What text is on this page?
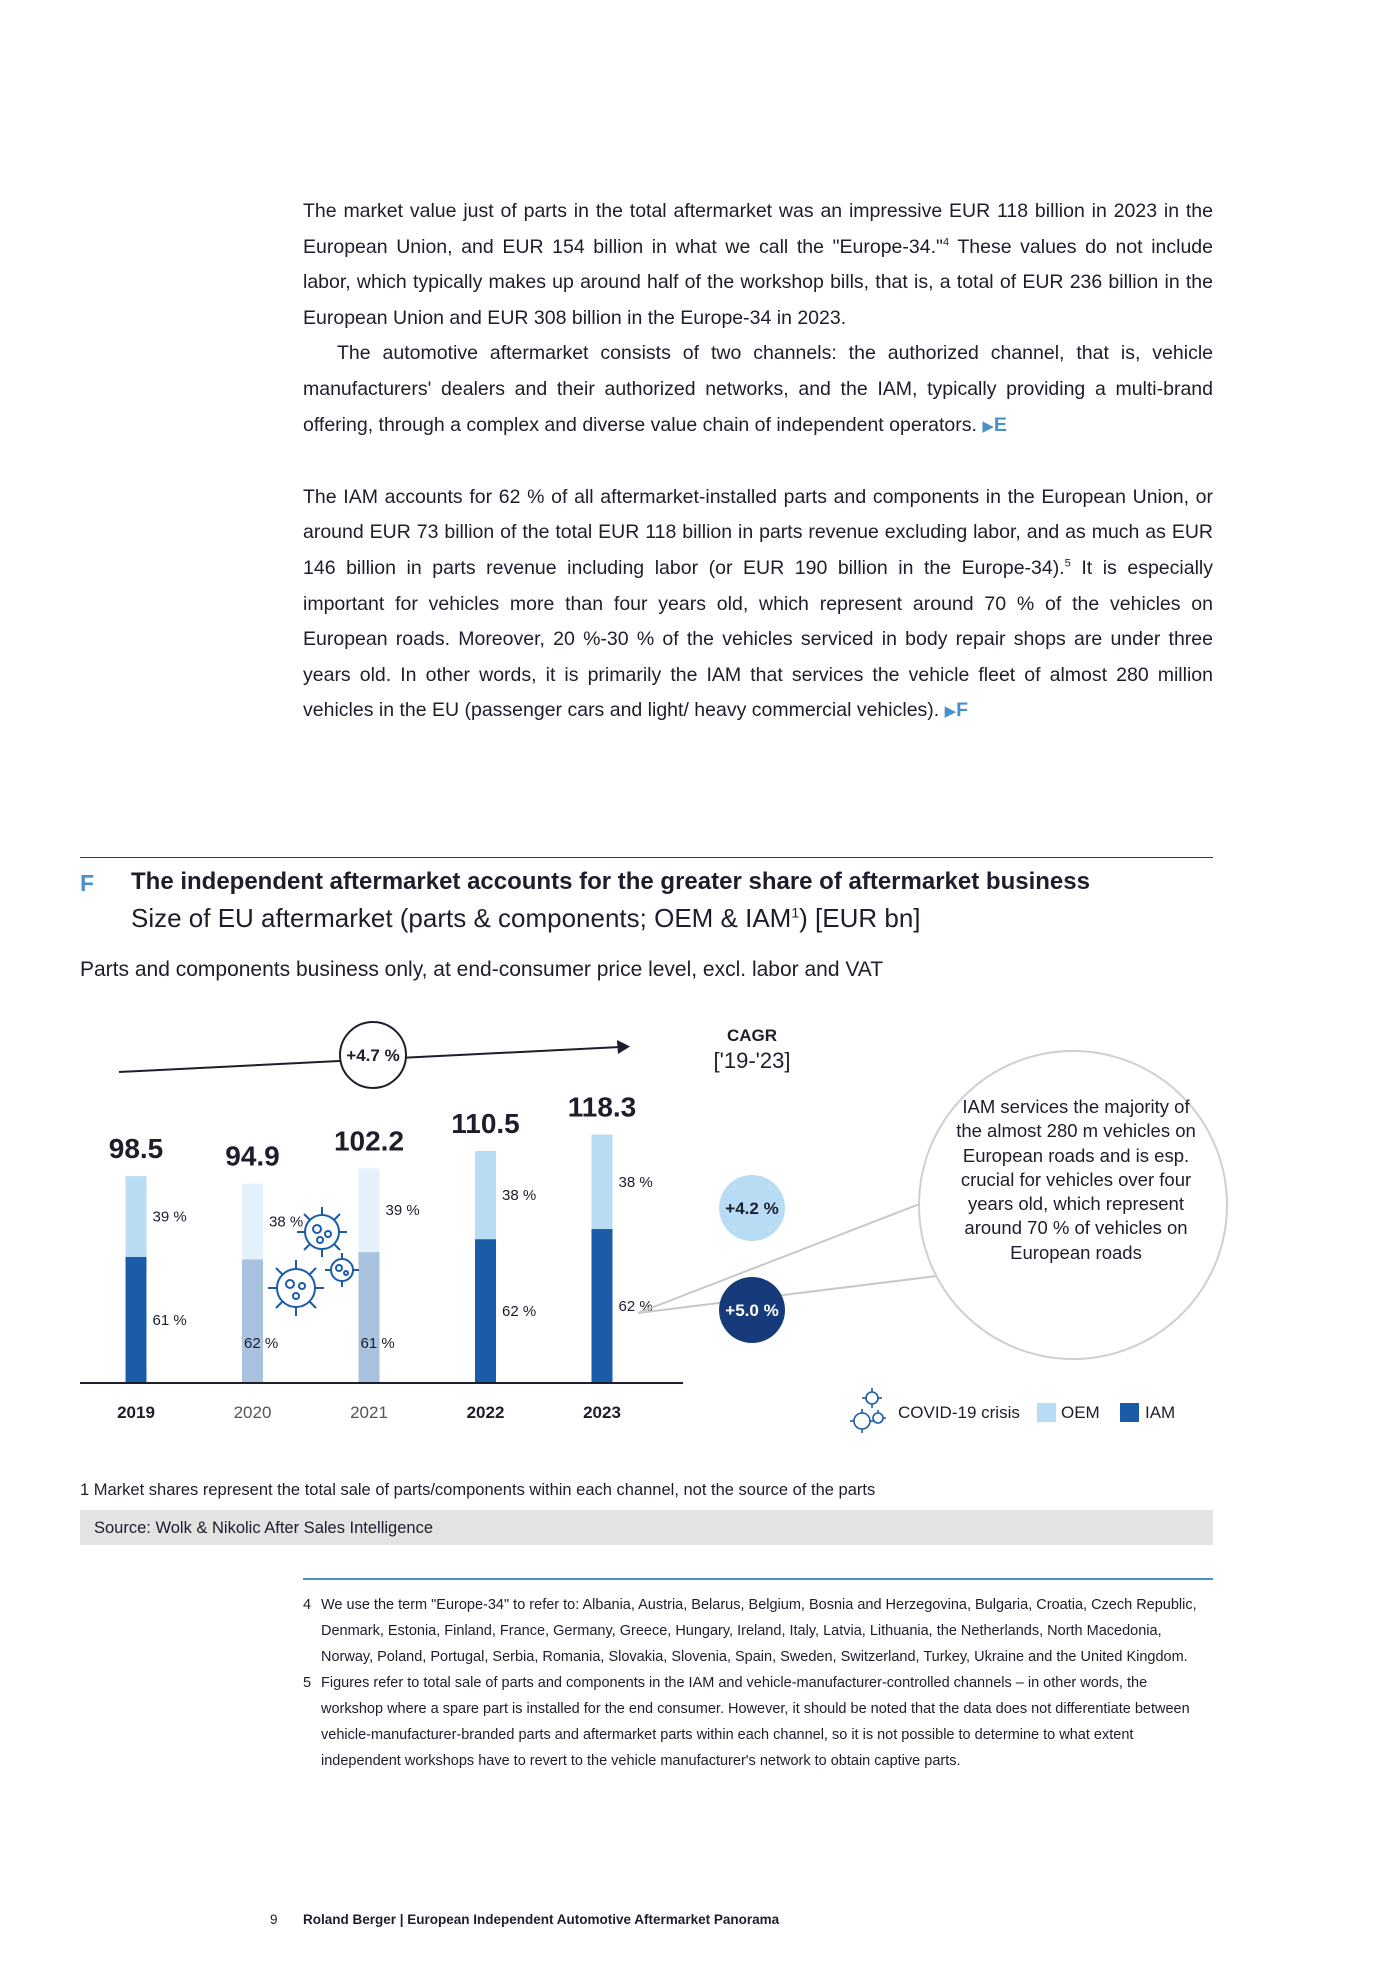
The market value just of parts in the total aftermarket was an impressive EUR 118 billion in 2023 in the European Union, and EUR 154 billion in what we call the "Europe-34."$^4$ These values do not include labor, which typically makes up around half of the workshop bills, that is, a total of EUR 236 billion in the European Union and EUR 308 billion in the Europe-34 in 2023.

The automotive aftermarket consists of two channels: the authorized channel, that is, vehicle manufacturers' dealers and their authorized networks, and the IAM, typically providing a multi-brand offering, through a complex and diverse value chain of independent operators. ▶E

The IAM accounts for 62 % of all aftermarket-installed parts and components in the European Union, or around EUR 73 billion of the total EUR 118 billion in parts revenue excluding labor, and as much as EUR 146 billion in parts revenue including labor (or EUR 190 billion in the Europe-34).$^5$ It is especially important for vehicles more than four years old, which represent around 70 % of the vehicles on European roads. Moreover, 20 %-30 % of the vehicles serviced in body repair shops are under three years old. In other words, it is primarily the IAM that services the vehicle fleet of almost 280 million vehicles in the EU (passenger cars and light/ heavy commercial vehicles). ▶F

F The independent aftermarket accounts for the greater share of aftermarket business
Size of EU aftermarket (parts & components; OEM & IAM$^1$) [EUR bn]
Parts and components business only, at end-consumer price level, excl. labor and VAT
61 %
39 %
98.5
2019
62 %
38 %
94.9
2020
61 %
39 %
102.2
2021
62 %
38 %
110.5
2022
62 %
38 %
118.3
2023
+4.7 %
CAGR
['19-'23]
+4.2 %
+5.0 %
COVID-19 crisis OEM	IAM
IAM services the majority of the almost 280 m vehicles on European roads and is esp. crucial for vehicles over four years old, which represent around 70 % of vehicles on European roads
1 Market shares represent the total sale of parts/components within each channel, not the source of the parts
Source: Wolk & Nikolic After Sales Intelligence
4 We use the term "Europe-34" to refer to: Albania, Austria, Belarus, Belgium, Bosnia and Herzegovina, Bulgaria, Croatia, Czech Republic, Denmark, Estonia, Finland, France, Germany, Greece, Hungary, Ireland, Italy, Latvia, Lithuania, the Netherlands, North Macedonia, Norway, Poland, Portugal, Serbia, Romania, Slovakia, Slovenia, Spain, Sweden, Switzerland, Turkey, Ukraine and the United Kingdom.
5 Figures refer to total sale of parts and components in the IAM and vehicle-manufacturer-controlled channels – in other words, the workshop where a spare part is installed for the end consumer. However, it should be noted that the data does not differentiate between vehicle-manufacturer-branded parts and aftermarket parts within each channel, so it is not possible to determine to what extent independent workshops have to revert to the vehicle manufacturer's network to obtain captive parts.
9 Roland Berger | European Independent Automotive Aftermarket Panorama
